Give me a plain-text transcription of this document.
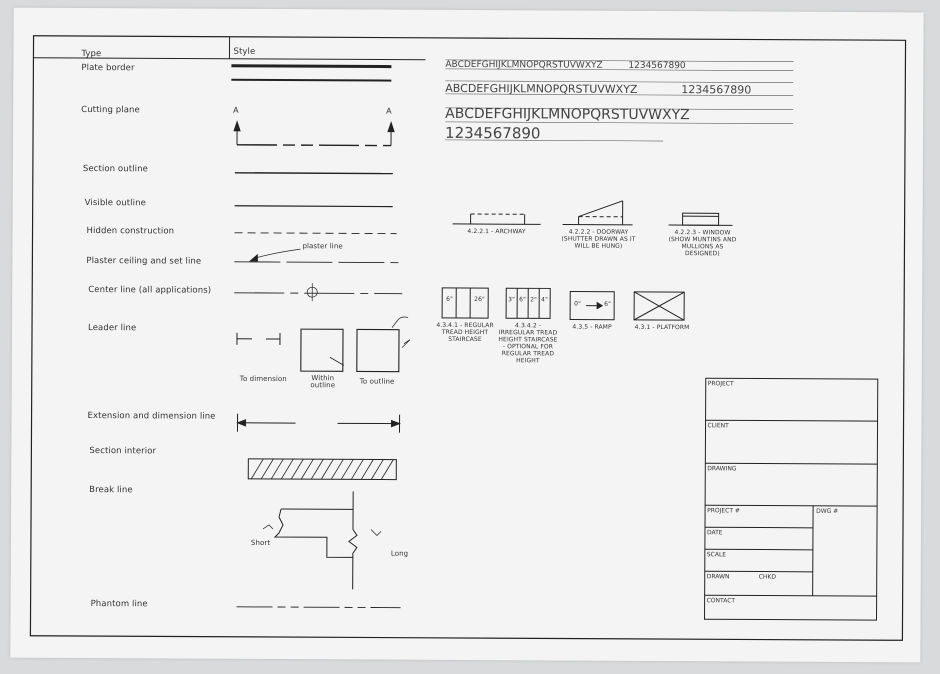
Type	Style
Plate border
Cutting plane
Section outline
Visible outline
Hidden construction
Plaster ceiling and set line
Center line (all applications)
Leader line
Extension and dimension line
Section interior
Break line
Phantom line
A	A
plaster line
To dimension	Within outline	To outline
Short
Long
ABCDEFGHIJKLMNOPQRSTUVWXYZ	1234567890
ABCDEFGHIJKLMNOPQRSTUVWXYZ	1234567890
ABCDEFGHIJKLMNOPQRSTUVWXYZ
1234567890
4.2.2.1 - ARCHWAY	4.2.2.2 - DOORWAY (SHUTTER DRAWN AS IT WILL BE HUNG)
4.2.2.3 - WINDOW (SHOW MUNTINS AND MULLIONS AS DESIGNED)
4.3.4.1 - REGULAR TREAD HEIGHT STAIRCASE
4.3.4.2 - IRREGULAR TREAD HEIGHT STAIRCASE - OPTIONAL FOR REGULAR TREAD HEIGHT
4.3.5 - RAMP	4.3.1 - PLATFORM
6"	26"	3" 6" 2" 4"
0"	6"
PROJECT
CLIENT
DRAWING
PROJECT #	DWG #
DATE
SCALE
DRAWN	CHKD
CONTACT
